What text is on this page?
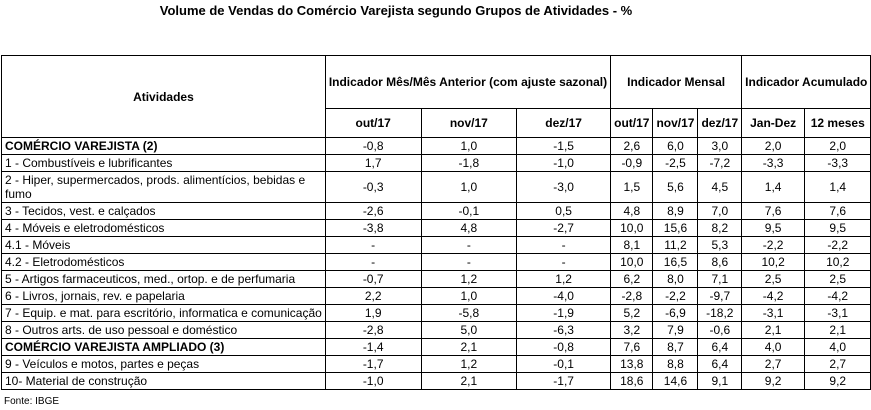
Volume de Vendas do Comércio Varejista segundo Grupos de Atividades - %
Atividades	Indicador Mês/Mês Anterior (com ajuste sazonal)			Indicador Mensal			Indicador Acumulado	
	out/17	nov/17	dez/17	out/17	nov/17	dez/17	Jan-Dez	12 meses
COMÉRCIO VAREJISTA (2)	-0,8	1,0	-1,5	2,6	6,0	3,0	2,0	2,0
1 - Combustíveis e lubrificantes	1,7	-1,8	-1,0	-0,9	-2,5	-7,2	-3,3	-3,3
2 - Hiper, supermercados, prods. alimentícios, bebidas e fumo	-0,3	1,0	-3,0	1,5	5,6	4,5	1,4	1,4
3 - Tecidos, vest. e calçados	-2,6	-0,1	0,5	4,8	8,9	7,0	7,6	7,6
4 - Móveis e eletrodomésticos	-3,8	4,8	-2,7	10,0	15,6	8,2	9,5	9,5
4.1 - Móveis	-	-	-	8,1	11,2	5,3	-2,2	-2,2
4.2 - Eletrodomésticos	-	-	-	10,0	16,5	8,6	10,2	10,2
5 - Artigos farmaceuticos, med., ortop. e de perfumaria	-0,7	1,2	1,2	6,2	8,0	7,1	2,5	2,5
6 - Livros, jornais, rev. e papelaria	2,2	1,0	-4,0	-2,8	-2,2	-9,7	-4,2	-4,2
7 - Equip. e mat. para escritório, informatica e comunicação	1,9	-5,8	-1,9	5,2	-6,9	-18,2	-3,1	-3,1
8 - Outros arts. de uso pessoal e doméstico	-2,8	5,0	-6,3	3,2	7,9	-0,6	2,1	2,1
COMÉRCIO VAREJISTA AMPLIADO (3)	-1,4	2,1	-0,8	7,6	8,7	6,4	4,0	4,0
9 - Veículos e motos, partes e peças	-1,7	1,2	-0,1	13,8	8,8	6,4	2,7	2,7
10- Material de construção	-1,0	2,1	-1,7	18,6	14,6	9,1	9,2	9,2
Fonte: IBGE
